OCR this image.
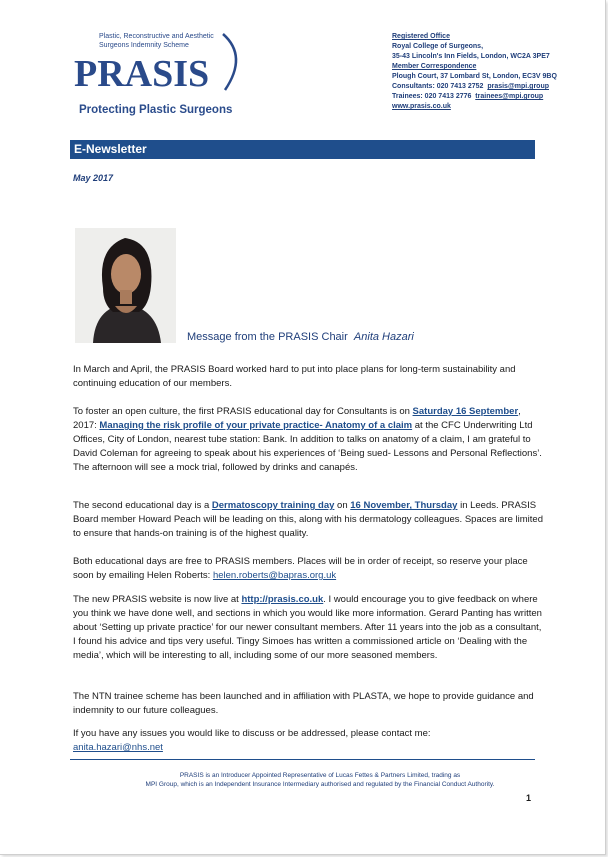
PRASIS
Plastic, Reconstructive and Aesthetic
Surgeons Indemnity Scheme
Protecting Plastic Surgeons
Registered Office
Royal College of Surgeons,
35-43 Lincoln's Inn Fields, London, WC2A 3PE7
Member Correspondence
Plough Court, 37 Lombard St, London, EC3V 9BQ
Consultants: 020 7413 2752 prasis@mpi.group
Trainees: 020 7413 2776 trainees@mpi.group
www.prasis.co.uk
E-Newsletter
May 2017
Message from the PRASIS Chair Anita Hazari

In March and April, the PRASIS Board worked hard to put into place plans for long-term sustainability and continuing education of our members.

To foster an open culture, the first PRASIS educational day for Consultants is on Saturday 16 September, 2017: Managing the risk profile of your private practice- Anatomy of a claim at the CFC Underwriting Ltd Offices, City of London, nearest tube station: Bank. In addition to talks on anatomy of a claim, I am grateful to David Coleman for agreeing to speak about his experiences of ‘Being sued- Lessons and Personal Reflections’. The afternoon will see a mock trial, followed by drinks and canapés.

The second educational day is a Dermatoscopy training day on 16 November, Thursday in Leeds. PRASIS Board member Howard Peach will be leading on this, along with his dermatology colleagues. Spaces are limited to ensure that hands-on training is of the highest quality.

Both educational days are free to PRASIS members. Places will be in order of receipt, so reserve your place soon by emailing Helen Roberts: helen.roberts@bapras.org.uk

The new PRASIS website is now live at http://prasis.co.uk. I would encourage you to give feedback on where you think we have done well, and sections in which you would like more information. Gerard Panting has written about ‘Setting up private practice’ for our newer consultant members. After 11 years into the job as a consultant, I found his advice and tips very useful. Tingy Simoes has written a commissioned article on ‘Dealing with the media’, which will be interesting to all, including some of our more seasoned members.

The NTN trainee scheme has been launched and in affiliation with PLASTA, we hope to provide guidance and indemnity to our future colleagues.

If you have any issues you would like to discuss or be addressed, please contact me:

anita.hazari@nhs.net

PRASIS is an Introducer Appointed Representative of Lucas Fettes & Partners Limited, trading as
MPI Group, which is an Independent Insurance Intermediary authorised and regulated by the Financial Conduct Authority.
1
